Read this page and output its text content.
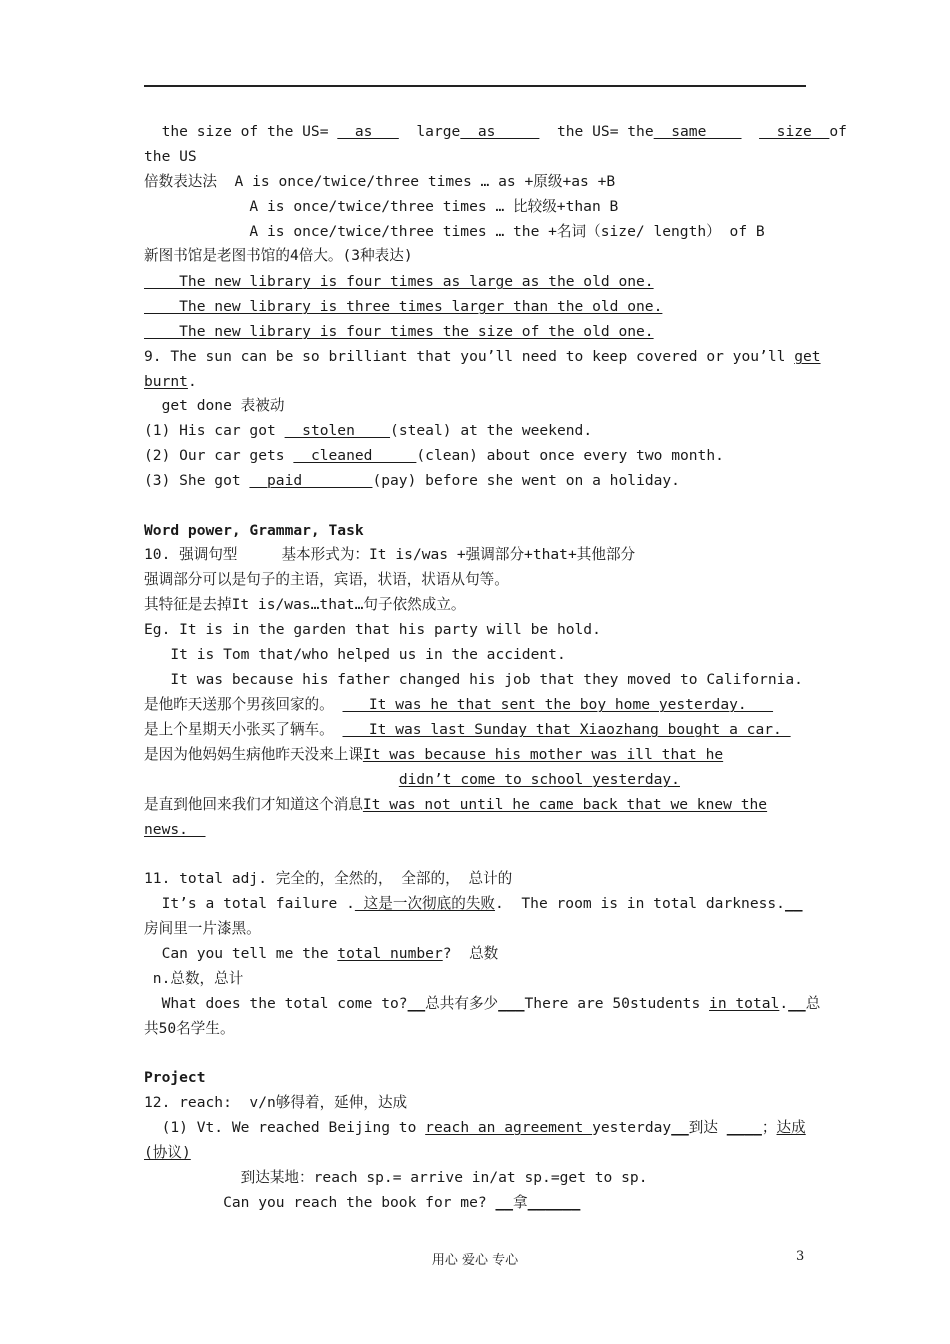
the size of the US=   as     large  as       the US= the  same        size  of
the US
倍数表达法  A is once/twice/three times … as +原级+as +B
A is once/twice/three times … 比较级+than B
A is once/twice/three times … the +名词（size/ length） of B
新图书馆是老图书馆的4倍大。(3种表达)
The new library is four times as large as the old one.
The new library is three times larger than the old one.
The new library is four times the size of the old one.
9. The sun can be so brilliant that you’ll need to keep covered or you’ll get
burnt.
get done 表被动
(1) His car got   stolen    (steal) at the weekend.
(2) Our car gets   cleaned     (clean) about once every two month.
(3) She got   paid        (pay) before she went on a holiday.
Word power, Grammar, Task
10. 强调句型     基本形式为：It is/was +强调部分+that+其他部分
强调部分可以是句子的主语，宾语，状语，状语从句等。
其特征是去掉It is/was…that…句子依然成立。
Eg. It is in the garden that his party will be hold.
It is Tom that/who helped us in the accident.
It was because his father changed his job that they moved to California.
是他昨天送那个男孩回家的。    It was he that sent the boy home yesterday.
是上个星期天小张买了辆车。    It was last Sunday that Xiaozhang bought a car.
是因为他妈妈生病他昨天没来上课It was because his mother was ill that he
didn’t come to school yesterday.
是直到他回来我们才知道这个消息It was not until he came back that we knew the
news.
11. total adj. 完全的，全然的， 全部的， 总计的
It’s a total failure . 这是一次彻底的失败.  The room is in total darkness.__
房间里一片漆黑。
Can you tell me the total number?  总数
n.总数，总计
What does the total come to?__总共有多少___There are 50students in total.__总
共50名学生。
Project
12. reach:  v/n够得着，延伸，达成
(1) Vt. We reached Beijing to reach an agreement yesterday__到达 ____；达成
(协议)
到达某地：reach sp.= arrive in/at sp.=get to sp.
Can you reach the book for me? __拿______
用心 爱心 专心	3
